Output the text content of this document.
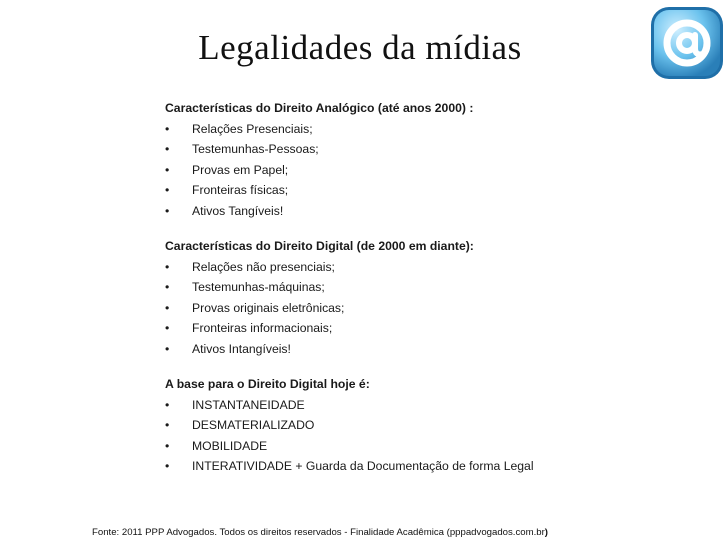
Legalidades da mídias
Características do Direito Analógico (até anos 2000) :
•	Relações Presenciais;
•	Testemunhas-Pessoas;
•	Provas em Papel;
•	Fronteiras físicas;
•	Ativos Tangíveis!
Características do Direito Digital (de 2000 em diante):
•	Relações não presenciais;
•	Testemunhas-máquinas;
•	Provas originais eletrônicas;
•	Fronteiras informacionais;
•	Ativos Intangíveis!
A base para o Direito Digital hoje é:
•	INSTANTANEIDADE
•	DESMATERIALIZADO
•	MOBILIDADE
•	INTERATIVIDADE + Guarda da Documentação de forma Legal
Fonte: 2011 PPP Advogados. Todos os direitos reservados - Finalidade Acadêmica (pppadvogados.com.br)
